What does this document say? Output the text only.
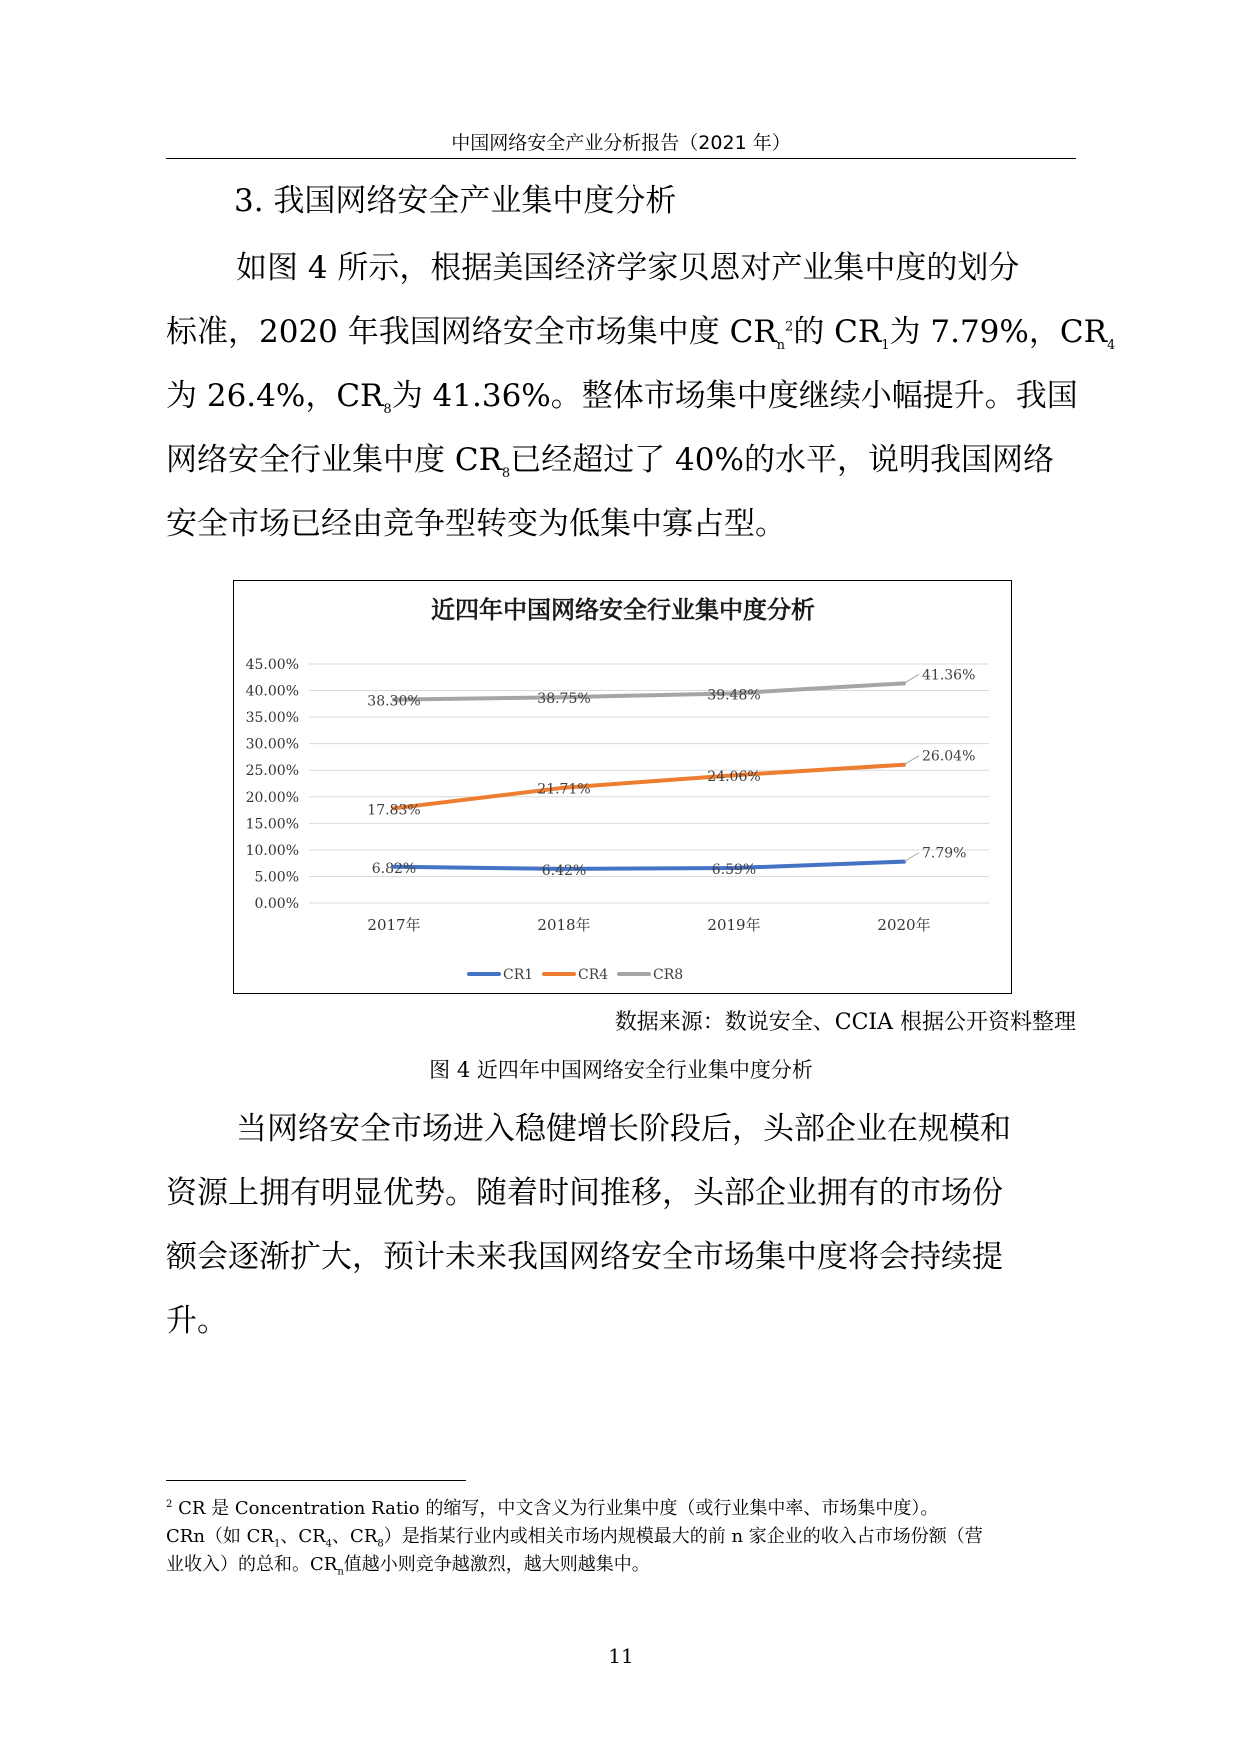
中国网络安全产业分析报告（2021 年）
3. 我国网络安全产业集中度分析
如图 4 所示，根据美国经济学家贝恩对产业集中度的划分
标准，2020 年我国网络安全市场集中度 $CR_n^2$的 $CR_1$为 7.79%，$CR_4$
为 26.4%，$CR_8$为 41.36%。整体市场集中度继续小幅提升。我国
网络安全行业集中度 $CR_8$已经超过了 40%的水平，说明我国网络
安全市场已经由竞争型转变为低集中寡占型。
近四年中国网络安全行业集中度分析
0.00%
5.00%
10.00%
15.00%
20.00%
25.00%
30.00%
35.00%
40.00%
45.00%
2017年	2018年	2019年	2020年
6.82%	6.42%	6.59%
7.79%
17.83%
21.71%
24.06%
26.04%
38.30%	38.75%	39.48%
41.36%
CR1	CR4	CR8
数据来源：数说安全、CCIA 根据公开资料整理
图 4 近四年中国网络安全行业集中度分析
当网络安全市场进入稳健增长阶段后，头部企业在规模和
资源上拥有明显优势。随着时间推移，头部企业拥有的市场份
额会逐渐扩大，预计未来我国网络安全市场集中度将会持续提
升。
$^2$ CR 是 Concentration Ratio 的缩写，中文含义为行业集中度（或行业集中率、市场集中度）。
CRn（如 $CR_1$、$CR_4$、$CR_8$）是指某行业内或相关市场内规模最大的前 n 家企业的收入占市场份额（营
业收入）的总和。$CR_n$值越小则竞争越激烈，越大则越集中。
11
